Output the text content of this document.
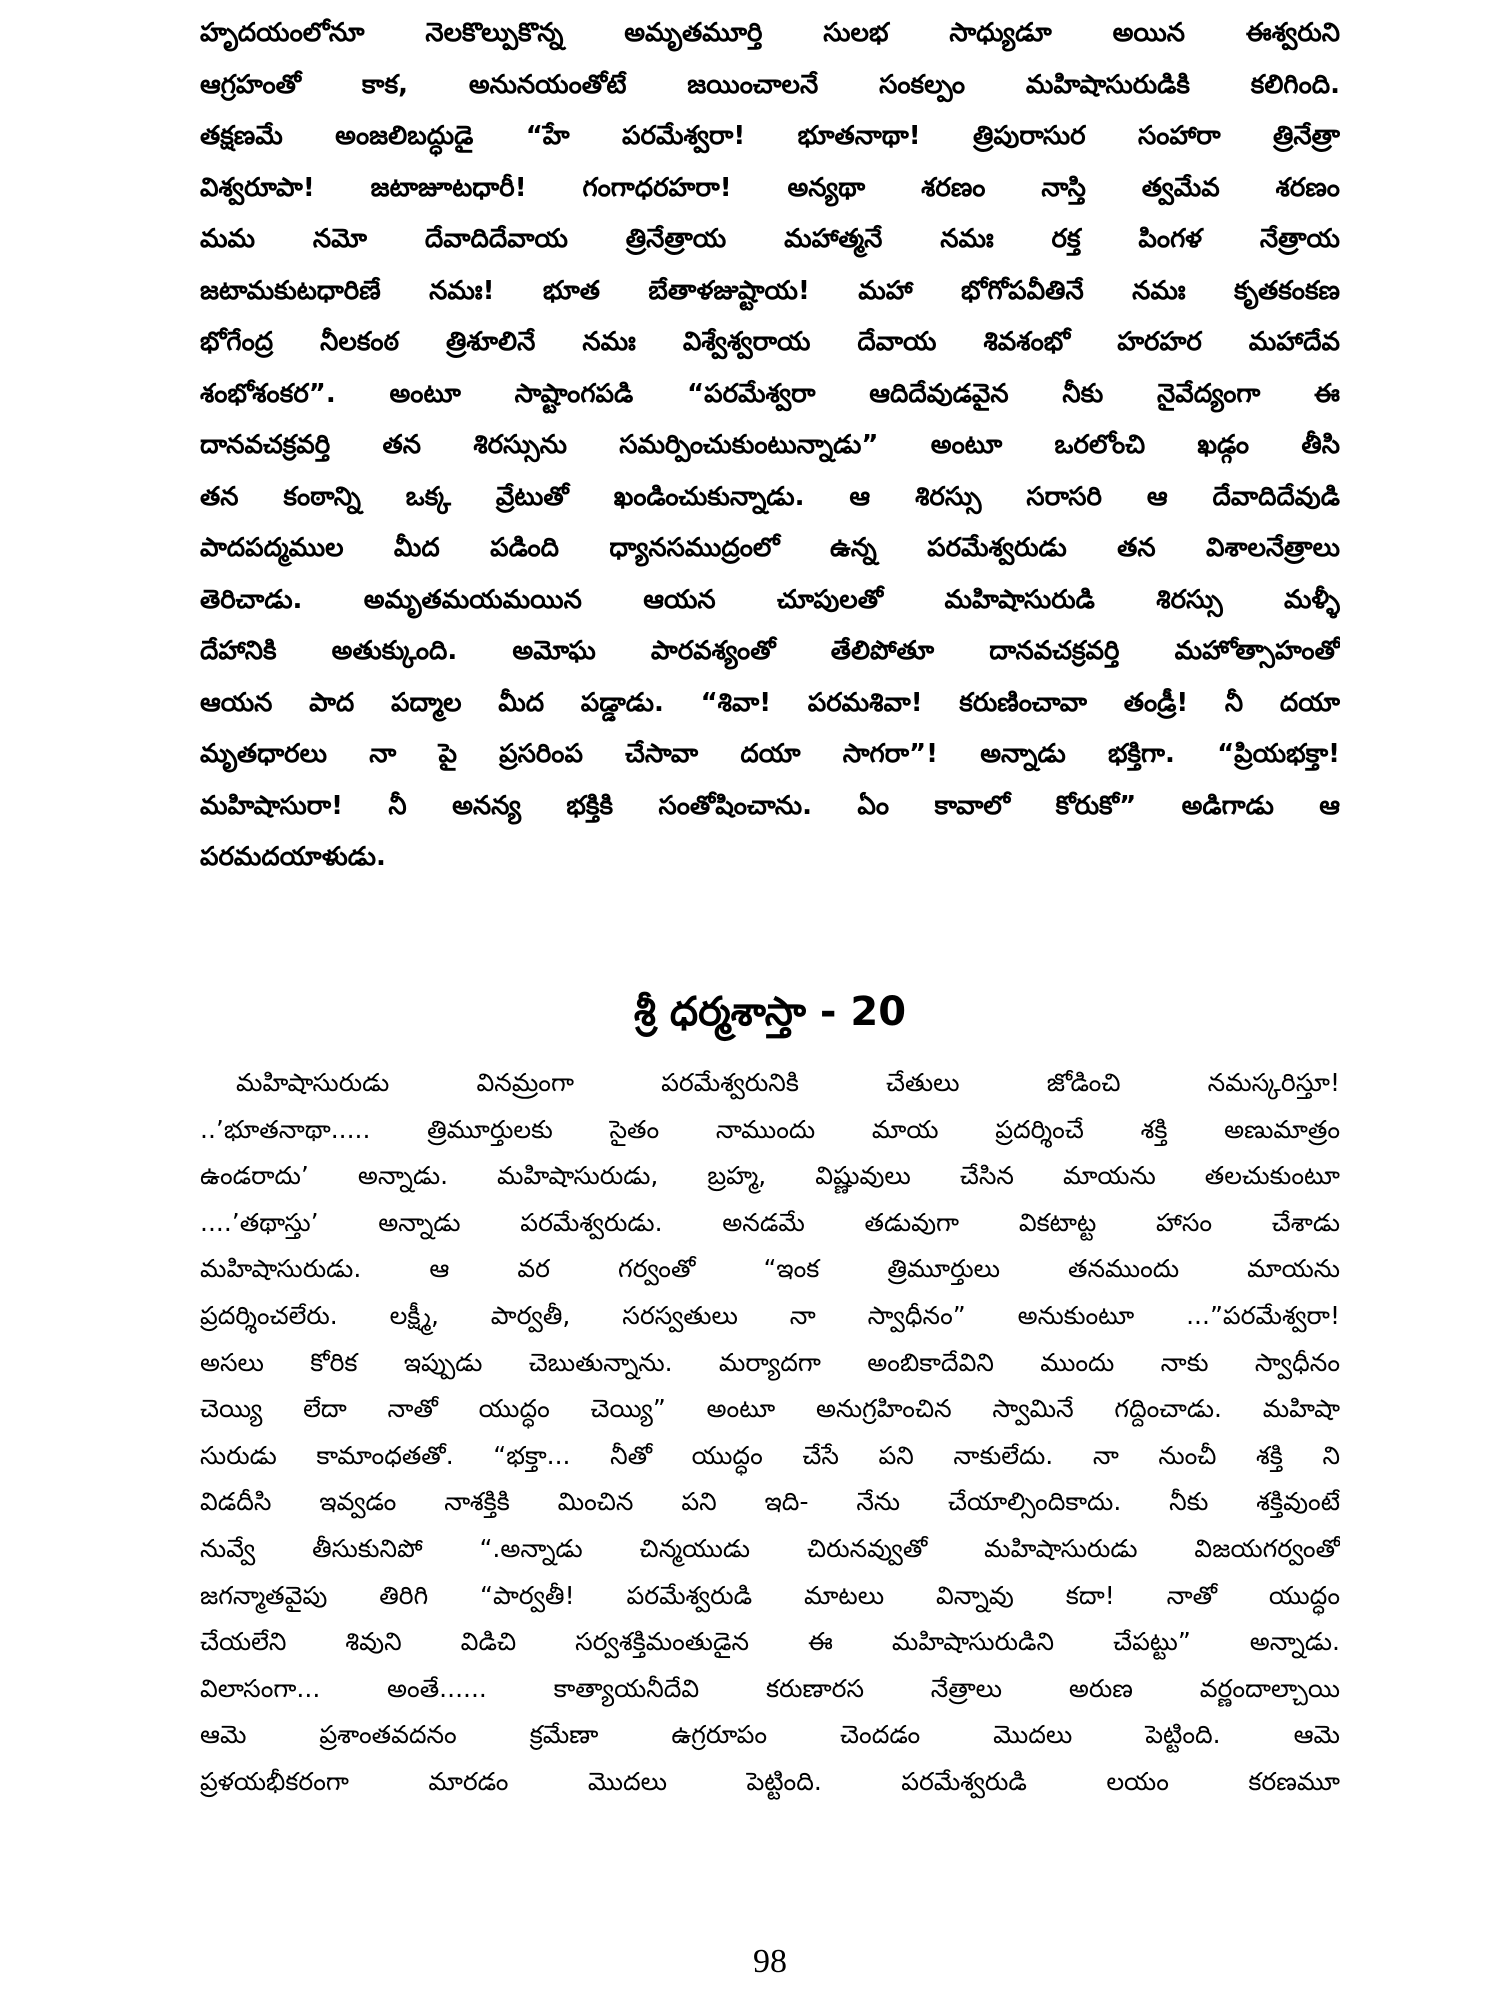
హృదయంలోనూ నెలకొల్పుకొన్న అమృతమూర్తి సులభ సాధ్యుడూ అయిన ఈశ్వరుని
ఆగ్రహంతో కాక, అనునయంతోటే జయించాలనే సంకల్పం మహిషాసురుడికి కలిగింది.
తక్షణమే అంజలిబద్ధుడై “హే పరమేశ్వరా! భూతనాథా! త్రిపురాసుర సంహారా త్రినేత్రా
విశ్వరూపా! జటాజూటధారీ! గంగాధరహరా! అన్యథా శరణం నాస్తి త్వమేవ శరణం
మమ నమో దేవాదిదేవాయ త్రినేత్రాయ మహాత్మనే నమః రక్త పింగళ నేత్రాయ
జటామకుటధారిణే నమః! భూత బేతాళజుష్టాయ! మహా భోగోపవీతినే నమః కృతకంకణ
భోగేంద్ర నీలకంఠ త్రిశూలినే నమః విశ్వేశ్వరాయ దేవాయ శివశంభో హరహర మహాదేవ
శంభోశంకర”. అంటూ సాష్టాంగపడి “పరమేశ్వరా ఆదిదేవుడవైన నీకు నైవేద్యంగా ఈ
దానవచక్రవర్తి తన శిరస్సును సమర్పించుకుంటున్నాడు” అంటూ ఒరలోంచి ఖడ్గం తీసి
తన కంఠాన్ని ఒక్క వ్రేటుతో ఖండించుకున్నాడు. ఆ శిరస్సు సరాసరి ఆ దేవాదిదేవుడి
పాదపద్మముల మీద పడింది ధ్యానసముద్రంలో ఉన్న పరమేశ్వరుడు తన విశాలనేత్రాలు
తెరిచాడు. అమృతమయమయిన ఆయన చూపులతో మహిషాసురుడి శిరస్సు మళ్ళీ
దేహానికి అతుక్కుంది. అమోఘ పారవశ్యంతో తేలిపోతూ దానవచక్రవర్తి మహోత్సాహంతో
ఆయన పాద పద్మాల మీద పడ్డాడు. “శివా! పరమశివా! కరుణించావా తండ్రీ! నీ దయా
మృతధారలు నా పై ప్రసరింప చేసావా దయా సాగరా”! అన్నాడు భక్తిగా. “ప్రియభక్తా!
మహిషాసురా! నీ అనన్య భక్తికి సంతోషించాను. ఏం కావాలో కోరుకో” అడిగాడు ఆ
పరమదయాళుడు.
శ్రీ ధర్మశాస్తా - 20
మహిషాసురుడు వినమ్రంగా పరమేశ్వరునికి చేతులు జోడించి నమస్కరిస్తూ!
..’భూతనాథా..... త్రిమూర్తులకు సైతం నాముందు మాయ ప్రదర్శించే శక్తి అణుమాత్రం
ఉండరాదు’ అన్నాడు. మహిషాసురుడు, బ్రహ్మ, విష్ణువులు చేసిన మాయను తలచుకుంటూ
....’తథాస్తు’ అన్నాడు పరమేశ్వరుడు. అనడమే తడువుగా వికటాట్ట హాసం చేశాడు
మహిషాసురుడు. ఆ వర గర్వంతో “ఇంక త్రిమూర్తులు తనముందు మాయను
ప్రదర్శించలేరు. లక్ష్మీ, పార్వతీ, సరస్వతులు నా స్వాధీనం” అనుకుంటూ ...”పరమేశ్వరా!
అసలు కోరిక ఇప్పుడు చెబుతున్నాను. మర్యాదగా అంబికాదేవిని ముందు నాకు స్వాధీనం
చెయ్యి లేదా నాతో యుద్ధం చెయ్యి” అంటూ అనుగ్రహించిన స్వామినే గద్దించాడు. మహిషా
సురుడు కామాంధతతో. “భక్తా... నీతో యుద్ధం చేసే పని నాకులేదు. నా నుంచీ శక్తి ని
విడదీసి ఇవ్వడం నాశక్తికి మించిన పని ఇది- నేను చేయాల్సిందికాదు. నీకు శక్తివుంటే
నువ్వే తీసుకునిపో “.అన్నాడు చిన్మయుడు చిరునవ్వుతో మహిషాసురుడు విజయగర్వంతో
జగన్మాతవైపు తిరిగి “పార్వతీ! పరమేశ్వరుడి మాటలు విన్నావు కదా! నాతో యుద్ధం
చేయలేని శివుని విడిచి సర్వశక్తిమంతుడైన ఈ మహిషాసురుడిని చేపట్టు” అన్నాడు.
విలాసంగా... అంతే...... కాత్యాయనీదేవి కరుణారస నేత్రాలు అరుణ వర్ణందాల్చాయి
ఆమె ప్రశాంతవదనం క్రమేణా ఉగ్రరూపం చెందడం మొదలు పెట్టింది. ఆమె
ప్రళయభీకరంగా మారడం మొదలు పెట్టింది. పరమేశ్వరుడి లయం కరణమూ
98
